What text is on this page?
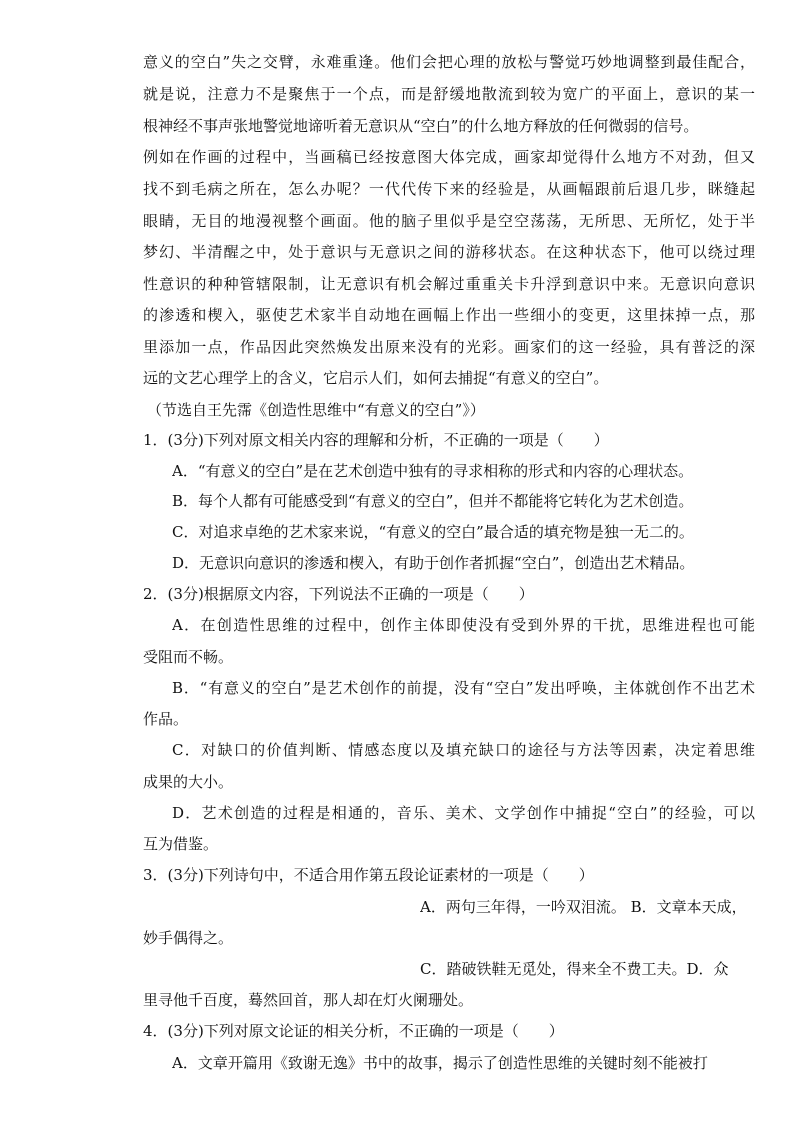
意义的空白”失之交臂，永难重逢。他们会把心理的放松与警觉巧妙地调整到最佳配合，
就是说，注意力不是聚焦于一个点，而是舒缓地散流到较为宽广的平面上，意识的某一
根神经不事声张地警觉地谛听着无意识从“空白”的什么地方释放的任何微弱的信号。
例如在作画的过程中，当画稿已经按意图大体完成，画家却觉得什么地方不对劲，但又
找不到毛病之所在，怎么办呢？一代代传下来的经验是，从画幅跟前后退几步，眯缝起
眼睛，无目的地漫视整个画面。他的脑子里似乎是空空荡荡，无所思、无所忆，处于半
梦幻、半清醒之中，处于意识与无意识之间的游移状态。在这种状态下，他可以绕过理
性意识的种种管辖限制，让无意识有机会解过重重关卡升浮到意识中来。无意识向意识
的渗透和楔入，驱使艺术家半自动地在画幅上作出一些细小的变更，这里抹掉一点，那
里添加一点，作品因此突然焕发出原来没有的光彩。画家们的这一经验，具有普泛的深
远的文艺心理学上的含义，它启示人们，如何去捕捉“有意义的空白”。
（节选自王先霈《创造性思维中“有意义的空白”》）
1．(3分)下列对原文相关内容的理解和分析，不正确的一项是（　　）
A．“有意义的空白”是在艺术创造中独有的寻求相称的形式和内容的心理状态。
B．每个人都有可能感受到“有意义的空白”，但并不都能将它转化为艺术创造。
C．对追求卓绝的艺术家来说，“有意义的空白”最合适的填充物是独一无二的。
D．无意识向意识的渗透和楔入，有助于创作者抓握“空白”，创造出艺术精品。
2．(3分)根据原文内容，下列说法不正确的一项是（　　）
A．在创造性思维的过程中，创作主体即使没有受到外界的干扰，思维进程也可能
受阻而不畅。
B．“有意义的空白”是艺术创作的前提，没有“空白”发出呼唤，主体就创作不出艺术
作品。
C．对缺口的价值判断、情感态度以及填充缺口的途径与方法等因素，决定着思维
成果的大小。
D．艺术创造的过程是相通的，音乐、美术、文学创作中捕捉“空白”的经验，可以
互为借鉴。
3．(3分)下列诗句中，不适合用作第五段论证素材的一项是（　　）
A．两句三年得，一吟双泪流。 B．文章本天成，
妙手偶得之。
C．踏破铁鞋无觅处，得来全不费工夫。D．众
里寻他千百度，蓦然回首，那人却在灯火阑珊处。
4．(3分)下列对原文论证的相关分析，不正确的一项是（　　）
A．文章开篇用《致谢无逸》书中的故事，揭示了创造性思维的关键时刻不能被打
